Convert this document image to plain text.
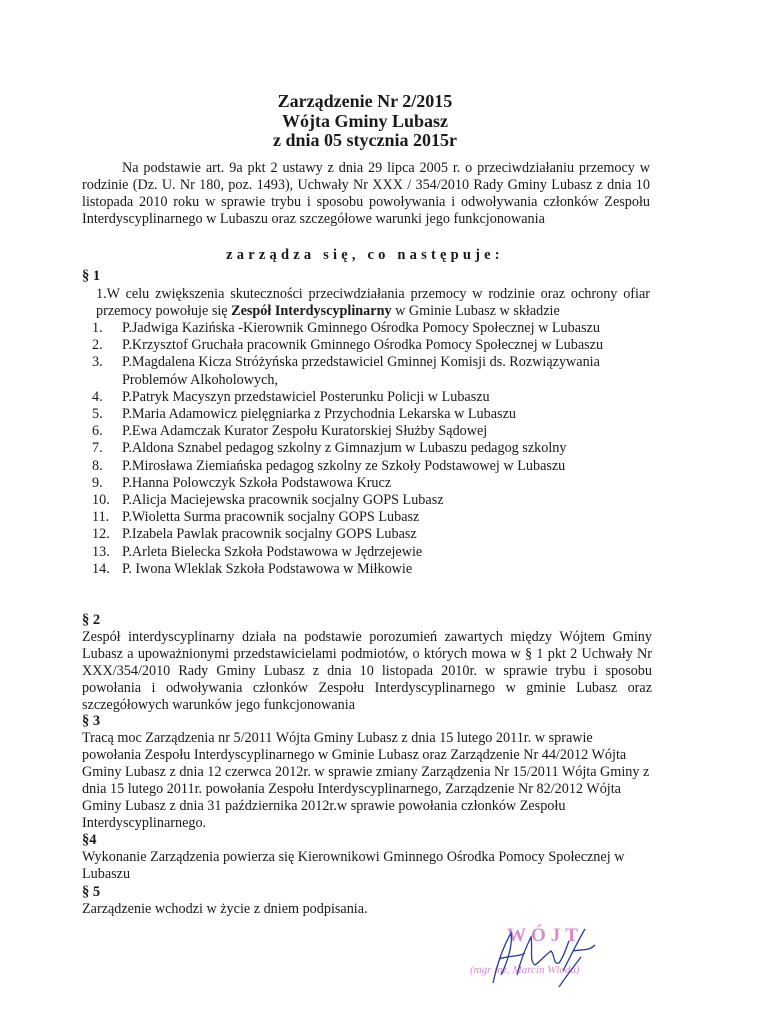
Zarządzenie Nr 2/2015
Wójta Gminy Lubasz
z dnia 05 stycznia 2015r
Na podstawie art. 9a pkt 2 ustawy z dnia 29 lipca 2005 r. o przeciwdziałaniu przemocy w rodzinie (Dz. U. Nr 180, poz. 1493), Uchwały Nr XXX / 354/2010 Rady Gminy Lubasz z dnia 10 listopada 2010 roku w sprawie trybu i sposobu powoływania i odwoływania członków Zespołu Interdyscyplinarnego w Lubaszu oraz szczegółowe warunki jego funkcjonowania
zarządza się, co następuje:
§ 1
1.W celu zwiększenia skuteczności przeciwdziałania przemocy w rodzinie oraz ochrony ofiar przemocy powołuje się Zespół Interdyscyplinarny w Gminie Lubasz w składzie
1.	P.Jadwiga Kazińska -Kierownik Gminnego Ośrodka Pomocy Społecznej w Lubaszu
2.	P.Krzysztof Gruchała pracownik Gminnego Ośrodka Pomocy Społecznej w Lubaszu
3.	P.Magdalena Kicza Stróżyńska przedstawiciel Gminnej Komisji ds. Rozwiązywania Problemów Alkoholowych,
4.	P.Patryk Macyszyn przedstawiciel Posterunku Policji w Lubaszu
5.	P.Maria Adamowicz pielęgniarka z Przychodnia Lekarska w Lubaszu
6.	P.Ewa Adamczak Kurator Zespołu Kuratorskiej Służby Sądowej
7.	P.Aldona Sznabel pedagog szkolny z Gimnazjum w Lubaszu pedagog szkolny
8.	P.Mirosława Ziemiańska pedagog szkolny ze Szkoły Podstawowej w Lubaszu
9.	P.Hanna Polowczyk Szkoła Podstawowa Krucz
10. P.Alicja Maciejewska pracownik socjalny GOPS Lubasz
11. P.Wioletta Surma pracownik socjalny GOPS Lubasz
12. P.Izabela Pawlak pracownik socjalny GOPS Lubasz
13. P.Arleta Bielecka Szkoła Podstawowa w Jędrzejewie
14. P. Iwona Wleklak Szkoła Podstawowa w Miłkowie
§ 2
Zespół interdyscyplinarny działa na podstawie porozumień zawartych między Wójtem Gminy Lubasz a upoważnionymi przedstawicielami podmiotów, o których mowa w § 1 pkt 2 Uchwały Nr XXX/354/2010 Rady Gminy Lubasz z dnia 10 listopada 2010r. w sprawie trybu i sposobu powołania i odwoływania członków Zespołu Interdyscyplinarnego w gminie Lubasz oraz szczegółowych warunków jego funkcjonowania
§ 3
Tracą moc Zarządzenia nr 5/2011 Wójta Gminy Lubasz z dnia 15 lutego 2011r. w sprawie powołania Zespołu Interdyscyplinarnego w Gminie Lubasz oraz Zarządzenie Nr 44/2012 Wójta Gminy Lubasz z dnia 12 czerwca 2012r. w sprawie zmiany Zarządzenia Nr 15/2011 Wójta Gminy z dnia 15 lutego 2011r. powołania Zespołu Interdyscyplinarnego, Zarządzenie Nr 82/2012 Wójta Gminy Lubasz z dnia 31 października 2012r.w sprawie powołania członków Zespołu Interdyscyplinarnego.
§4
Wykonanie Zarządzenia powierza się Kierownikowi Gminnego Ośrodka Pomocy Społecznej w Lubaszu
§ 5
Zarządzenie wchodzi w życie z dniem podpisania.
WÓJT
(mgr inż. Marcin Wloda)
